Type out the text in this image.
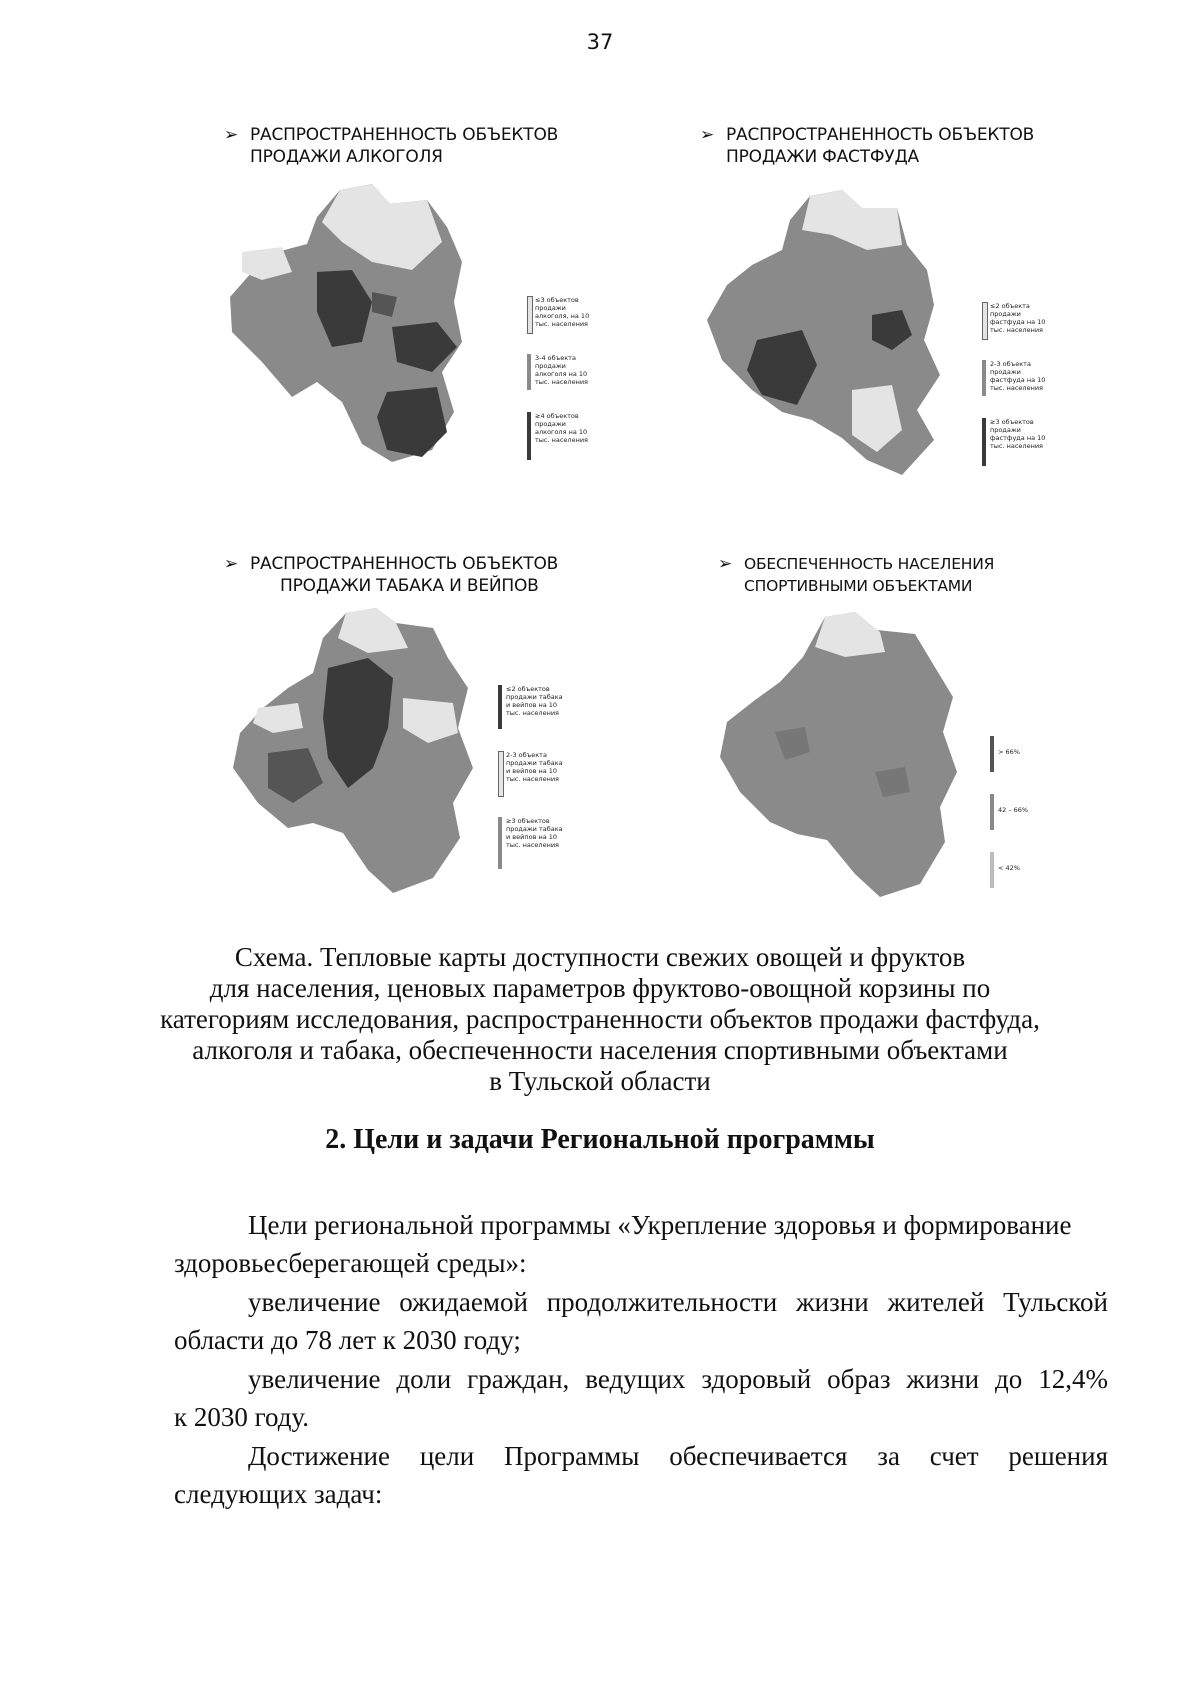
37
➢ РАСПРОСТРАНЕННОСТЬ ОБЪЕКТОВ
ПРОДАЖИ АЛКОГОЛЯ
≤3 объектов продажи алкоголя, на 10 тыс. населения
3-4 объекта продажи алкоголя на 10 тыс. населения
≥4 объектов продажи алкоголя на 10 тыс. населения
➢ РАСПРОСТРАНЕННОСТЬ ОБЪЕКТОВ
ПРОДАЖИ ФАСТФУДА
≤2 объекта продажи фастфуда на 10 тыс. населения
2-3 объекта продажи фастфуда на 10 тыс. населения
≥3 объектов продажи фастфуда на 10 тыс. населения
➢ РАСПРОСТРАНЕННОСТЬ ОБЪЕКТОВ
ПРОДАЖИ ТАБАКА И ВЕЙПОВ
≤2 объектов продажи табака и вейпов на 10 тыс. населения
2-3 объекта продажи табака и вейпов на 10 тыс. населения
≥3 объектов продажи табака и вейпов на 10 тыс. населения
➢ ОБЕСПЕЧЕННОСТЬ НАСЕЛЕНИЯ
СПОРТИВНЫМИ ОБЪЕКТАМИ
> 66%
42 – 66%
< 42%
Схема. Тепловые карты доступности свежих овощей и фруктов
для населения, ценовых параметров фруктово-овощной корзины по
категориям исследования, распространенности объектов продажи фастфуда,
алкоголя и табака, обеспеченности населения спортивными объектами
в Тульской области
2. Цели и задачи Региональной программы
Цели региональной программы «Укрепление здоровья и формирование
здоровьесберегающей среды»:
увеличение ожидаемой продолжительности жизни жителей Тульской
области до 78 лет к 2030 году;
увеличение доли граждан, ведущих здоровый образ жизни до 12,4%
к 2030 году.
Достижение цели Программы обеспечивается за счет решения
следующих задач:
